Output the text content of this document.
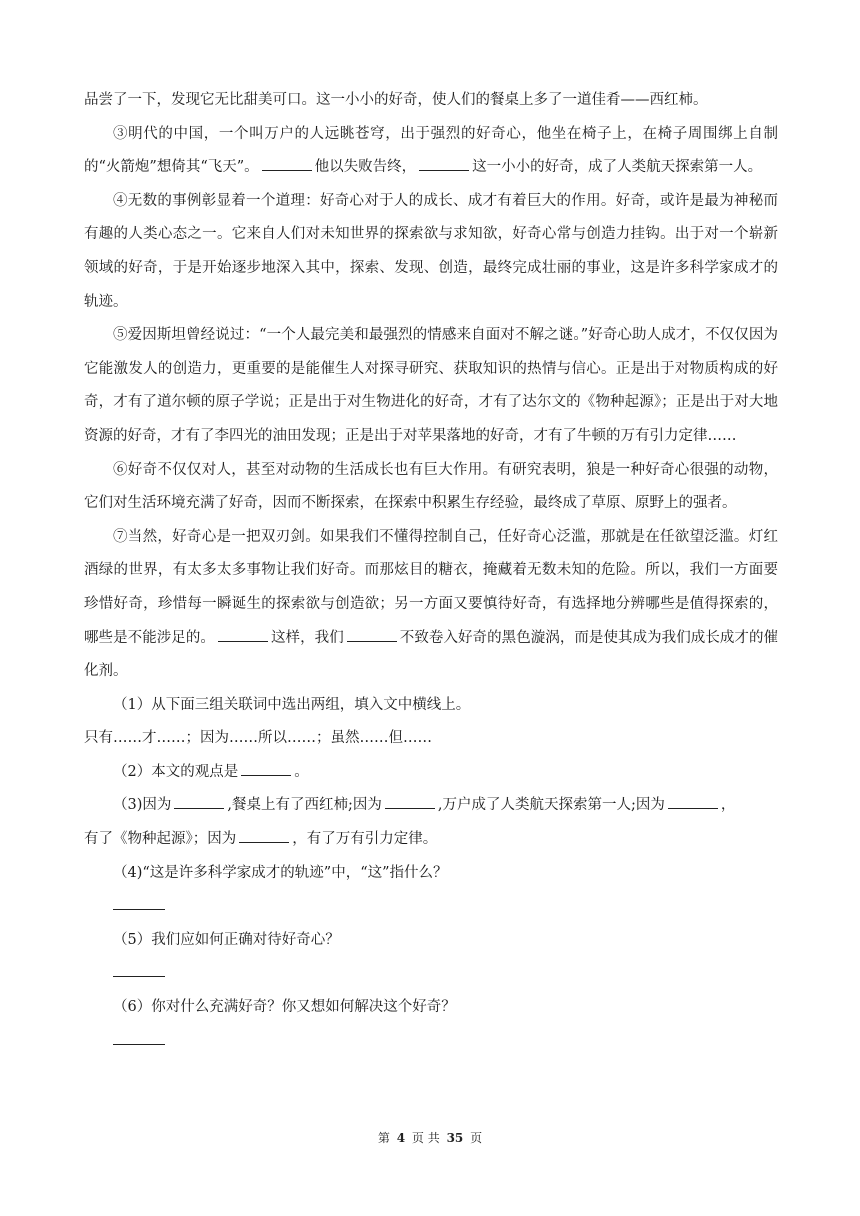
品尝了一下，发现它无比甜美可口。这一小小的好奇，使人们的餐桌上多了一道佳肴——西红柿。

③明代的中国，一个叫万户的人远眺苍穹，出于强烈的好奇心，他坐在椅子上，在椅子周围绑上自制的“火箭炮”想倚其“飞天”。	他以失败告终，	这一小小的好奇，成了人类航天探索第一人。

④无数的事例彰显着一个道理：好奇心对于人的成长、成才有着巨大的作用。好奇，或许是最为神秘而有趣的人类心态之一。它来自人们对未知世界的探索欲与求知欲，好奇心常与创造力挂钩。出于对一个崭新领域的好奇，于是开始逐步地深入其中，探索、发现、创造，最终完成壮丽的事业，这是许多科学家成才的轨迹。

⑤爱因斯坦曾经说过：“一个人最完美和最强烈的情感来自面对不解之谜。”好奇心助人成才，不仅仅因为它能激发人的创造力，更重要的是能催生人对探寻研究、获取知识的热情与信心。正是出于对物质构成的好奇，才有了道尔顿的原子学说；正是出于对生物进化的好奇，才有了达尔文的《物种起源》；正是出于对大地资源的好奇，才有了李四光的油田发现；正是出于对苹果落地的好奇，才有了牛顿的万有引力定律……

⑥好奇不仅仅对人，甚至对动物的生活成长也有巨大作用。有研究表明，狼是一种好奇心很强的动物，它们对生活环境充满了好奇，因而不断探索，在探索中积累生存经验，最终成了草原、原野上的强者。

⑦当然，好奇心是一把双刃剑。如果我们不懂得控制自己，任好奇心泛滥，那就是在任欲望泛滥。灯红酒绿的世界，有太多太多事物让我们好奇。而那炫目的糖衣，掩藏着无数未知的危险。所以，我们一方面要珍惜好奇，珍惜每一瞬诞生的探索欲与创造欲；另一方面又要慎待好奇，有选择地分辨哪些是值得探索的，哪些是不能涉足的。	这样，我们	不致卷入好奇的黑色漩涡，而是使其成为我们成长成才的催化剂。

（1）从下面三组关联词中选出两组，填入文中横线上。

只有……才……；因为……所以……；虽然……但……

（2）本文的观点是	。

（3)因为	,餐桌上有了西红柿;因为	,万户成了人类航天探索第一人;因为	，

有了《物种起源》；因为	，有了万有引力定律。

（4)“这是许多科学家成才的轨迹”中，“这”指什么？

（5）我们应如何正确对待好奇心？

（6）你对什么充满好奇？你又想如何解决这个好奇？

第 4 页 共 35 页
